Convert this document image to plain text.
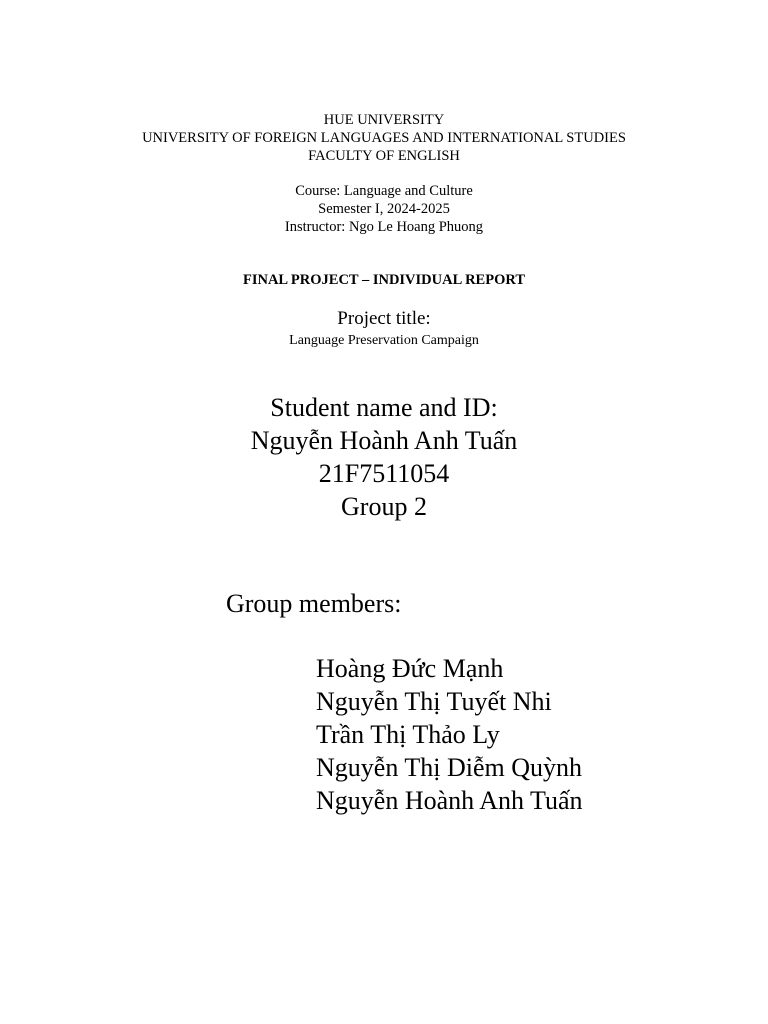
HUE UNIVERSITY
UNIVERSITY OF FOREIGN LANGUAGES AND INTERNATIONAL STUDIES
FACULTY OF ENGLISH
Course: Language and Culture
Semester I, 2024-2025
Instructor: Ngo Le Hoang Phuong
FINAL PROJECT – INDIVIDUAL REPORT
Project title:
Language Preservation Campaign
Student name and ID:
Nguyễn Hoành Anh Tuấn
21F7511054
Group 2
Group members:
Hoàng Đức Mạnh
Nguyễn Thị Tuyết Nhi
Trần Thị Thảo Ly
Nguyễn Thị Diễm Quỳnh
Nguyễn Hoành Anh Tuấn
